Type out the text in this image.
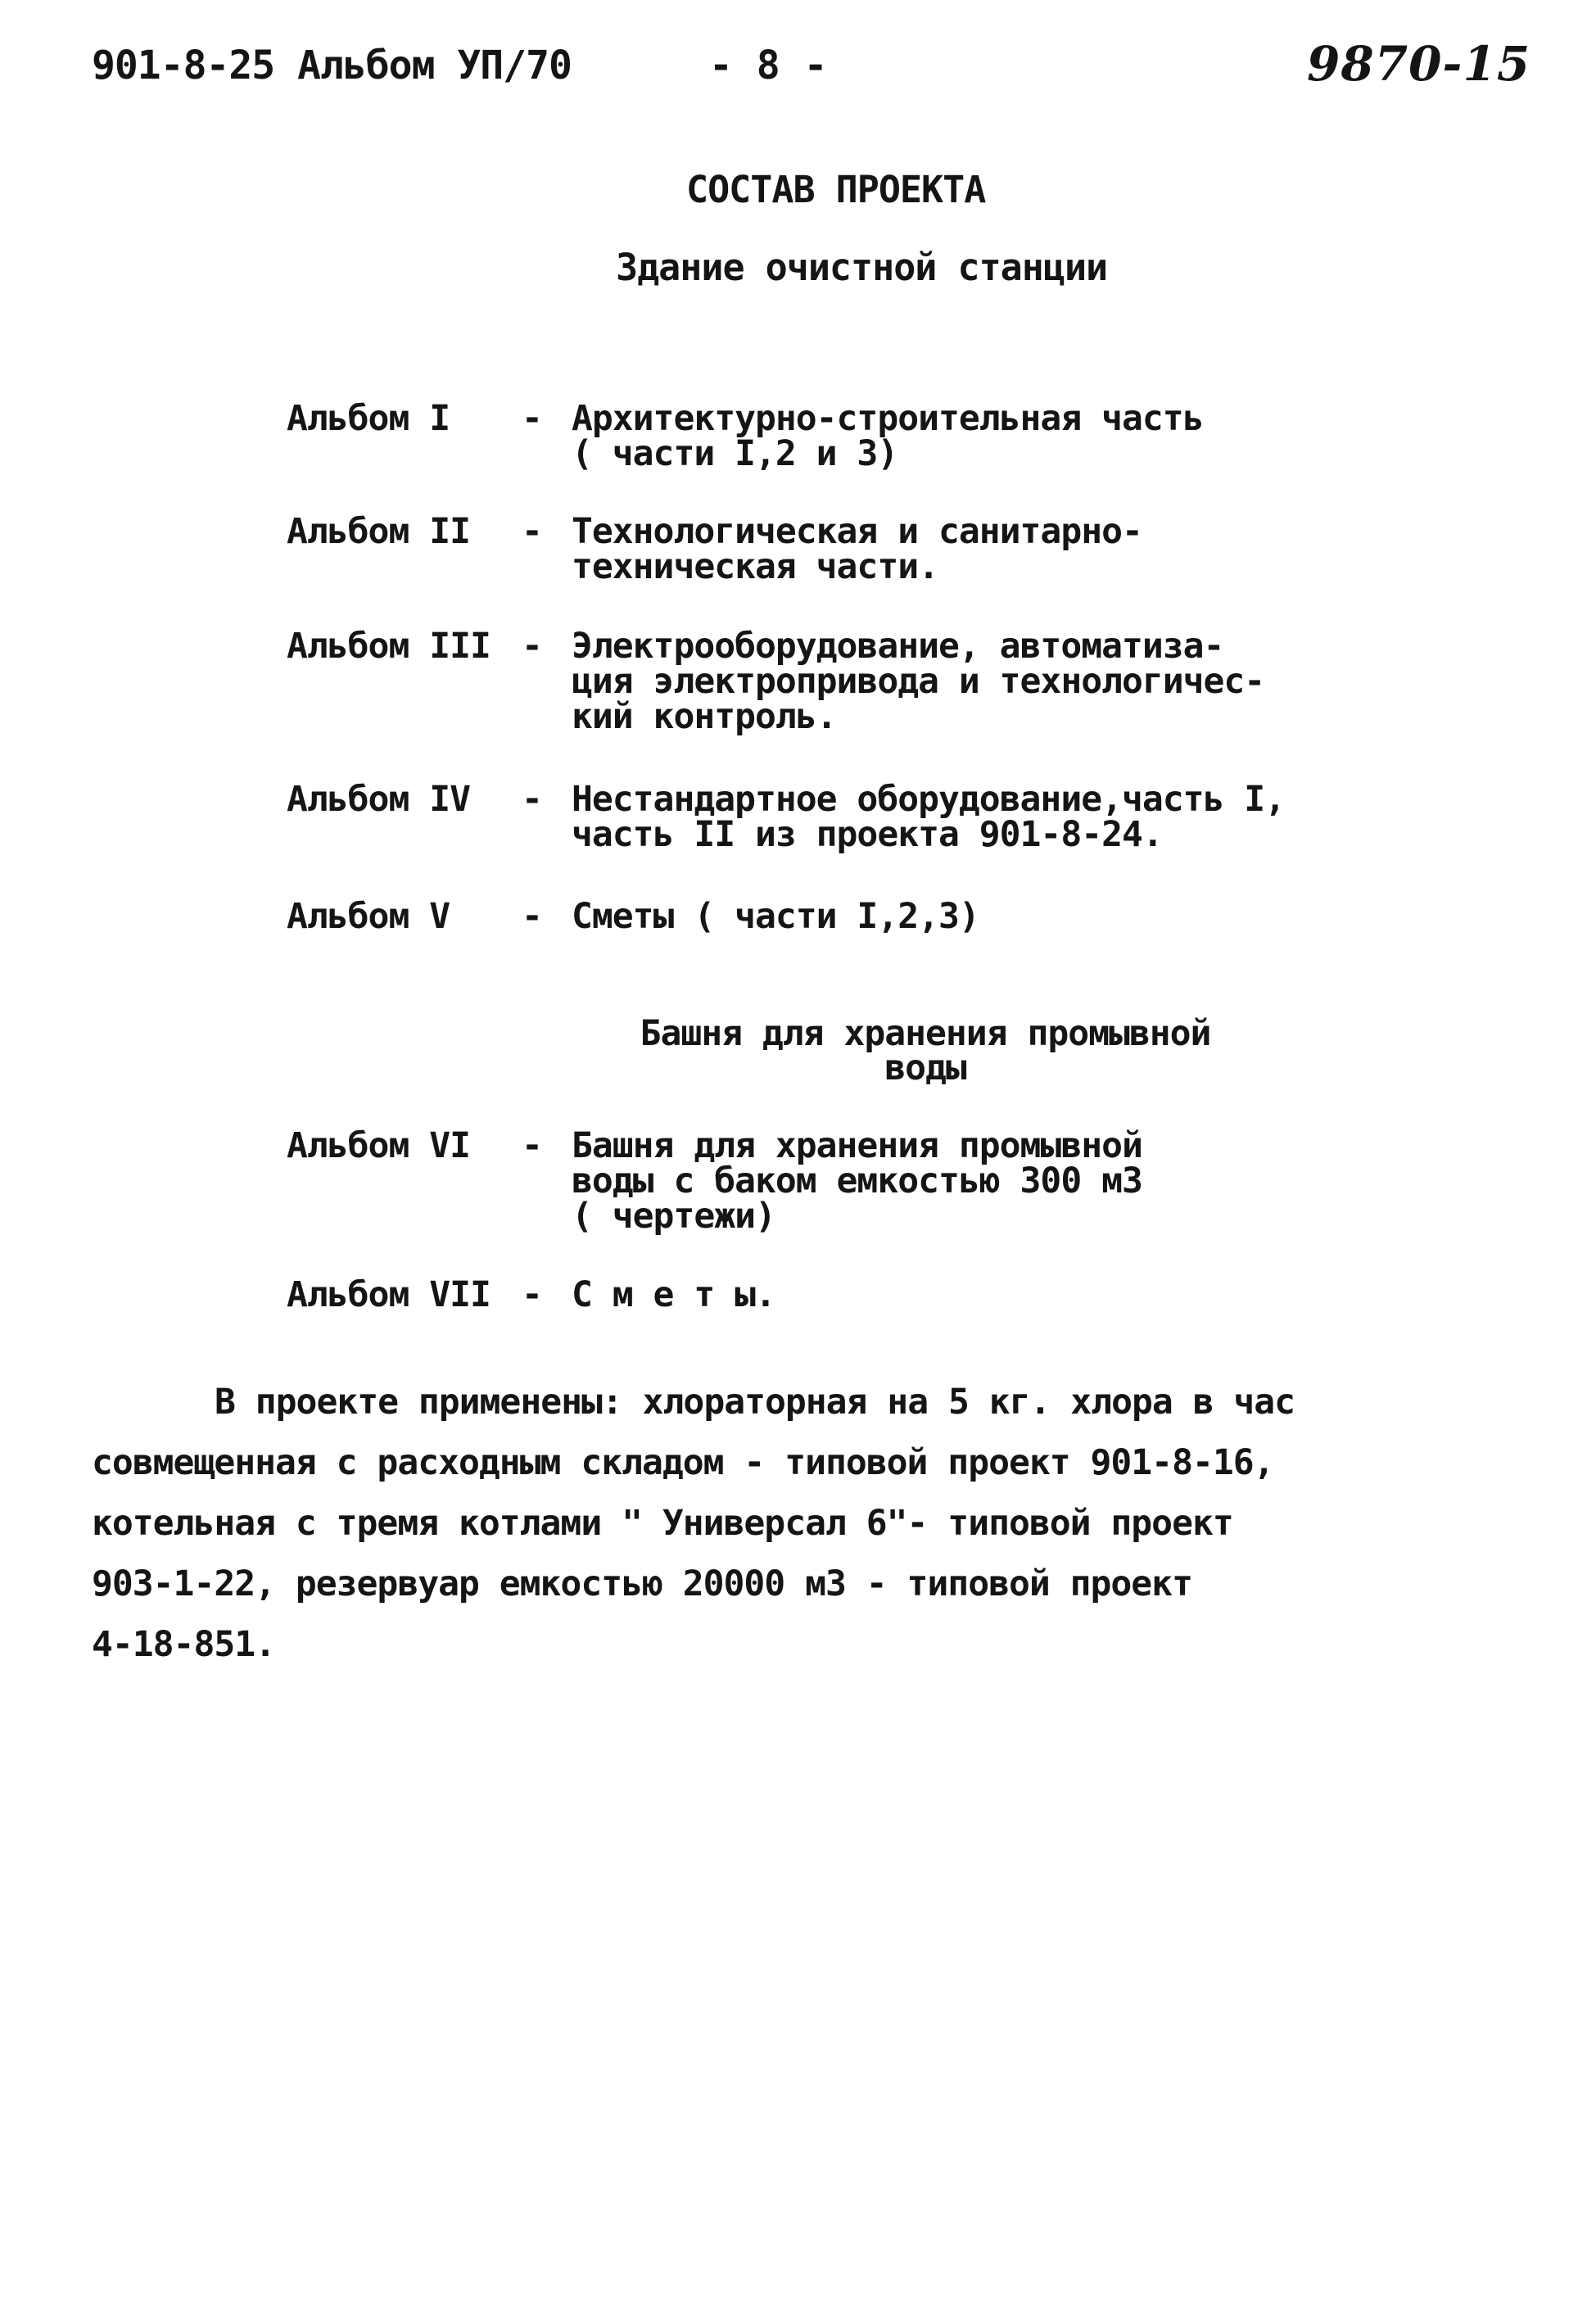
901-8-25 Альбом УП/70	- 8 -	9870-15
СОСТАВ ПРОЕКТА
Здание очистной станции
Альбом I	- Архитектурно-строительная часть
( части I,2 и 3)
Альбом II	- Технологическая и санитарно-
техническая части.
Альбом III - Электрооборудование, автоматиза-
ция электропривода и технологичес-
кий контроль.
Альбом IV	- Нестандартное оборудование,часть I,
часть II из проекта 901-8-24.
Альбом V	- Сметы ( части I,2,3)
Башня для хранения промывной
воды
Альбом VI	- Башня для хранения промывной
воды с баком емкостью 300 м3
( чертежи)
Альбом VII - С м е т ы.
В проекте применены: хлораторная на 5 кг. хлора в час
совмещенная с расходным складом - типовой проект 901-8-16,
котельная с тремя котлами " Универсал 6"- типовой проект
903-1-22, резервуар емкостью 20000 м3 - типовой проект
4-18-851.
